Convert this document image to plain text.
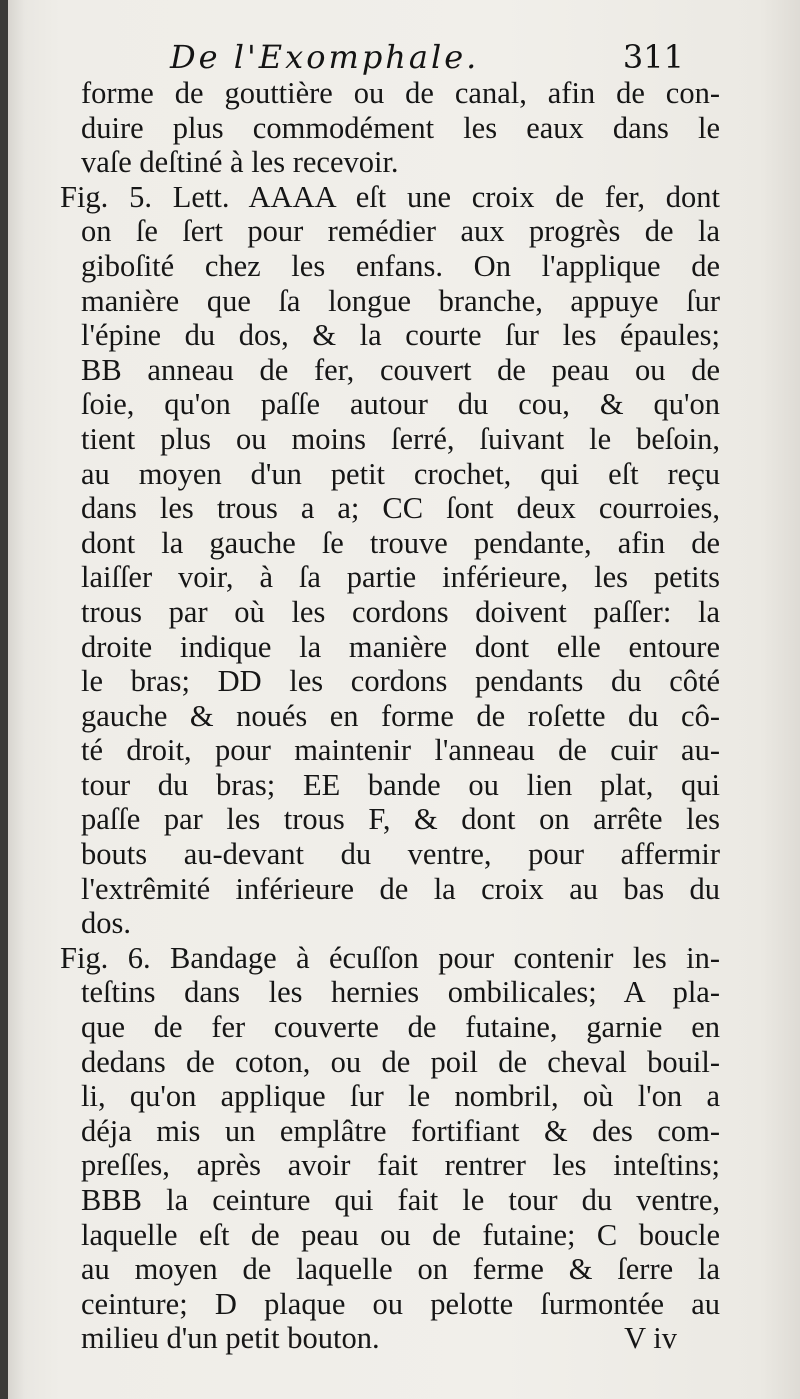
De l'Exomphale.	311
forme de gouttière ou de canal, afin de con-
duire plus commodément les eaux dans le
vaſe deſtiné à les recevoir.
Fig. 5. Lett. AAAA eſt une croix de fer, dont
on ſe ſert pour remédier aux progrès de la
giboſité chez les enfans. On l'applique de
manière que ſa longue branche, appuye ſur
l'épine du dos, & la courte ſur les épaules;
BB anneau de fer, couvert de peau ou de
ſoie, qu'on paſſe autour du cou, & qu'on
tient plus ou moins ſerré, ſuivant le beſoin,
au moyen d'un petit crochet, qui eſt reçu
dans les trous a a; CC ſont deux courroies,
dont la gauche ſe trouve pendante, afin de
laiſſer voir, à ſa partie inférieure, les petits
trous par où les cordons doivent paſſer: la
droite indique la manière dont elle entoure
le bras; DD les cordons pendants du côté
gauche & noués en forme de roſette du cô-
té droit, pour maintenir l'anneau de cuir au-
tour du bras; EE bande ou lien plat, qui
paſſe par les trous F, & dont on arrête les
bouts au-devant du ventre, pour affermir
l'extrêmité inférieure de la croix au bas du
dos.
Fig. 6. Bandage à écuſſon pour contenir les in-
teſtins dans les hernies ombilicales; A pla-
que de fer couverte de futaine, garnie en
dedans de coton, ou de poil de cheval bouil-
li, qu'on applique ſur le nombril, où l'on a
déja mis un emplâtre fortifiant & des com-
preſſes, après avoir fait rentrer les inteſtins;
BBB la ceinture qui fait le tour du ventre,
laquelle eſt de peau ou de futaine; C boucle
au moyen de laquelle on ferme & ſerre la
ceinture; D plaque ou pelotte ſurmontée au
milieu d'un petit bouton.	V iv
